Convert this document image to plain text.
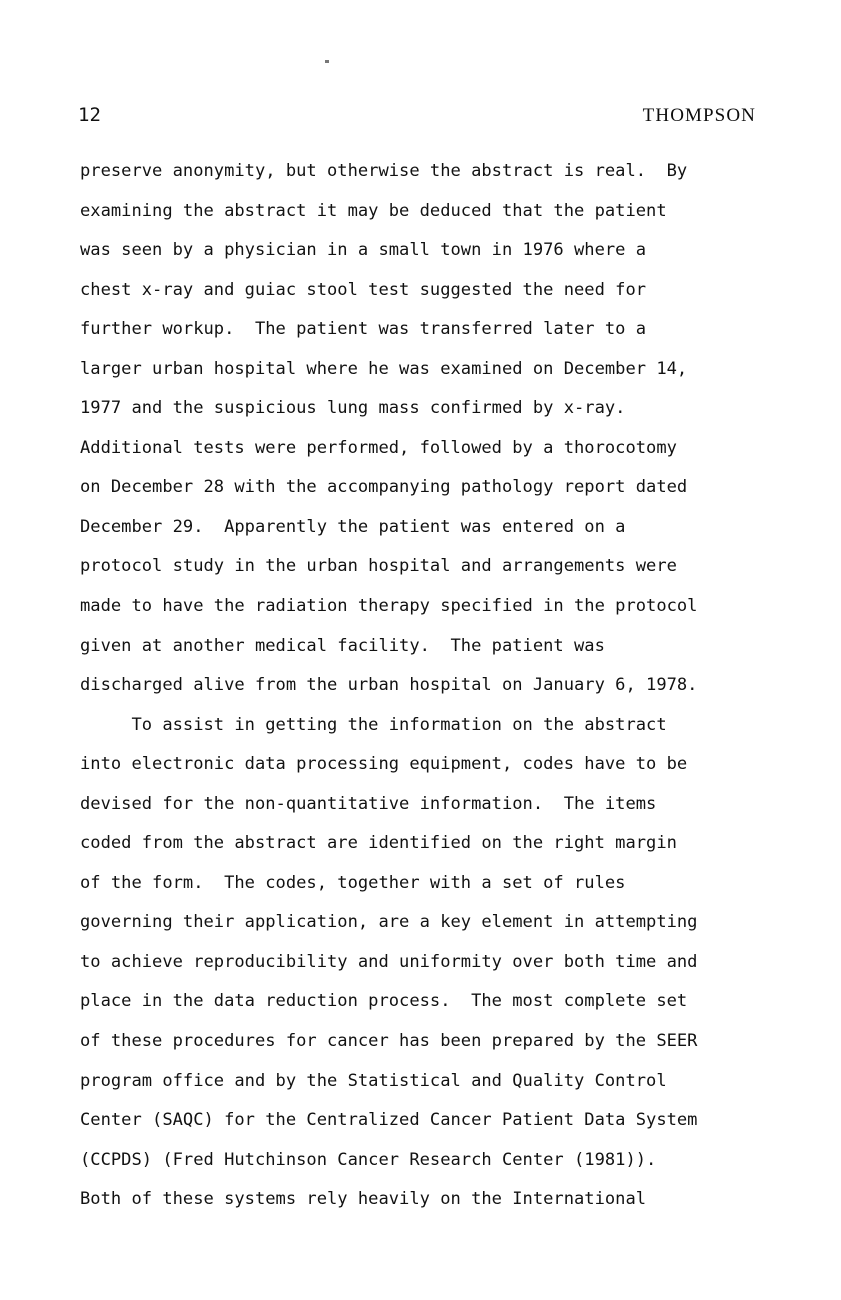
12	THOMPSON
preserve anonymity, but otherwise the abstract is real.  By
examining the abstract it may be deduced that the patient
was seen by a physician in a small town in 1976 where a
chest x-ray and guiac stool test suggested the need for
further workup.  The patient was transferred later to a
larger urban hospital where he was examined on December 14,
1977 and the suspicious lung mass confirmed by x-ray.
Additional tests were performed, followed by a thorocotomy
on December 28 with the accompanying pathology report dated
December 29.  Apparently the patient was entered on a
protocol study in the urban hospital and arrangements were
made to have the radiation therapy specified in the protocol
given at another medical facility.  The patient was
discharged alive from the urban hospital on January 6, 1978.
To assist in getting the information on the abstract
into electronic data processing equipment, codes have to be
devised for the non-quantitative information.  The items
coded from the abstract are identified on the right margin
of the form.  The codes, together with a set of rules
governing their application, are a key element in attempting
to achieve reproducibility and uniformity over both time and
place in the data reduction process.  The most complete set
of these procedures for cancer has been prepared by the SEER
program office and by the Statistical and Quality Control
Center (SAQC) for the Centralized Cancer Patient Data System
(CCPDS) (Fred Hutchinson Cancer Research Center (1981)).
Both of these systems rely heavily on the International
